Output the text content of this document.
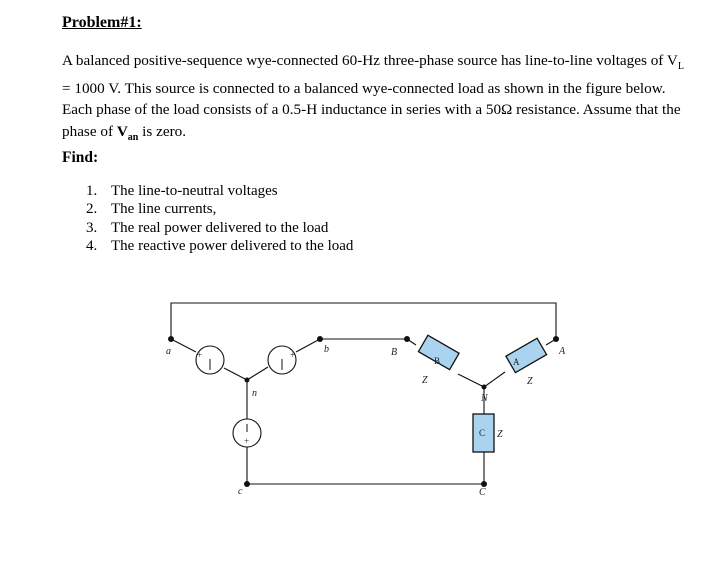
Problem#1:
A balanced positive-sequence wye-connected 60-Hz three-phase source has line-to-line voltages of $V_L = 1000$ V. This source is connected to a balanced wye-connected load as shown in the figure below. Each phase of the load consists of a 0.5-H inductance in series with a 50Ω resistance. Assume that the phase of $V_{an}$ is zero.
Find:
1. The line-to-neutral voltages
2. The line currents,
3. The real power delivered to the load
4. The reactive power delivered to the load
+	+
+
B	A
C
a	b
n
c
B	A
N
C
Z	Z
Z
